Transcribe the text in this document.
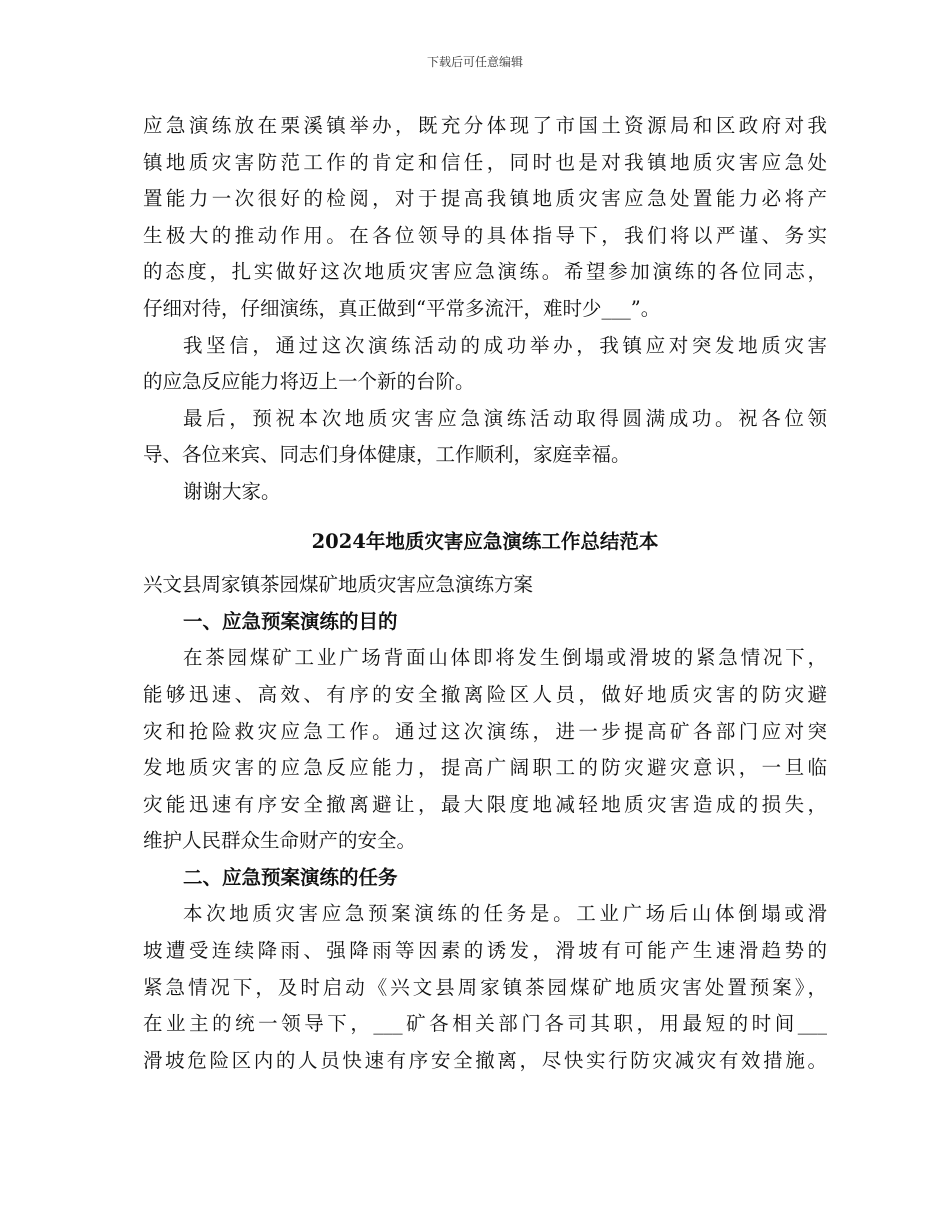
下载后可任意编辑

应急演练放在栗溪镇举办，既充分体现了市国土资源局和区政府对我

镇地质灾害防范工作的肯定和信任，同时也是对我镇地质灾害应急处

置能力一次很好的检阅，对于提高我镇地质灾害应急处置能力必将产

生极大的推动作用。在各位领导的具体指导下，我们将以严谨、务实

的态度，扎实做好这次地质灾害应急演练。希望参加演练的各位同志，

仔细对待，仔细演练，真正做到“平常多流汗，难时少___”。

我坚信，通过这次演练活动的成功举办，我镇应对突发地质灾害

的应急反应能力将迈上一个新的台阶。

最后，预祝本次地质灾害应急演练活动取得圆满成功。祝各位领

导、各位来宾、同志们身体健康，工作顺利，家庭幸福。

谢谢大家。

2024年地质灾害应急演练工作总结范本

兴文县周家镇茶园煤矿地质灾害应急演练方案

一、应急预案演练的目的

在茶园煤矿工业广场背面山体即将发生倒塌或滑坡的紧急情况下，

能够迅速、高效、有序的安全撤离险区人员，做好地质灾害的防灾避

灾和抢险救灾应急工作。通过这次演练，进一步提高矿各部门应对突

发地质灾害的应急反应能力，提高广阔职工的防灾避灾意识，一旦临

灾能迅速有序安全撤离避让，最大限度地减轻地质灾害造成的损失，

维护人民群众生命财产的安全。

二、应急预案演练的任务

本次地质灾害应急预案演练的任务是。工业广场后山体倒塌或滑

坡遭受连续降雨、强降雨等因素的诱发，滑坡有可能产生速滑趋势的

紧急情况下，及时启动《兴文县周家镇茶园煤矿地质灾害处置预案》，

在业主的统一领导下，___矿各相关部门各司其职，用最短的时间___

滑坡危险区内的人员快速有序安全撤离，尽快实行防灾减灾有效措施。
